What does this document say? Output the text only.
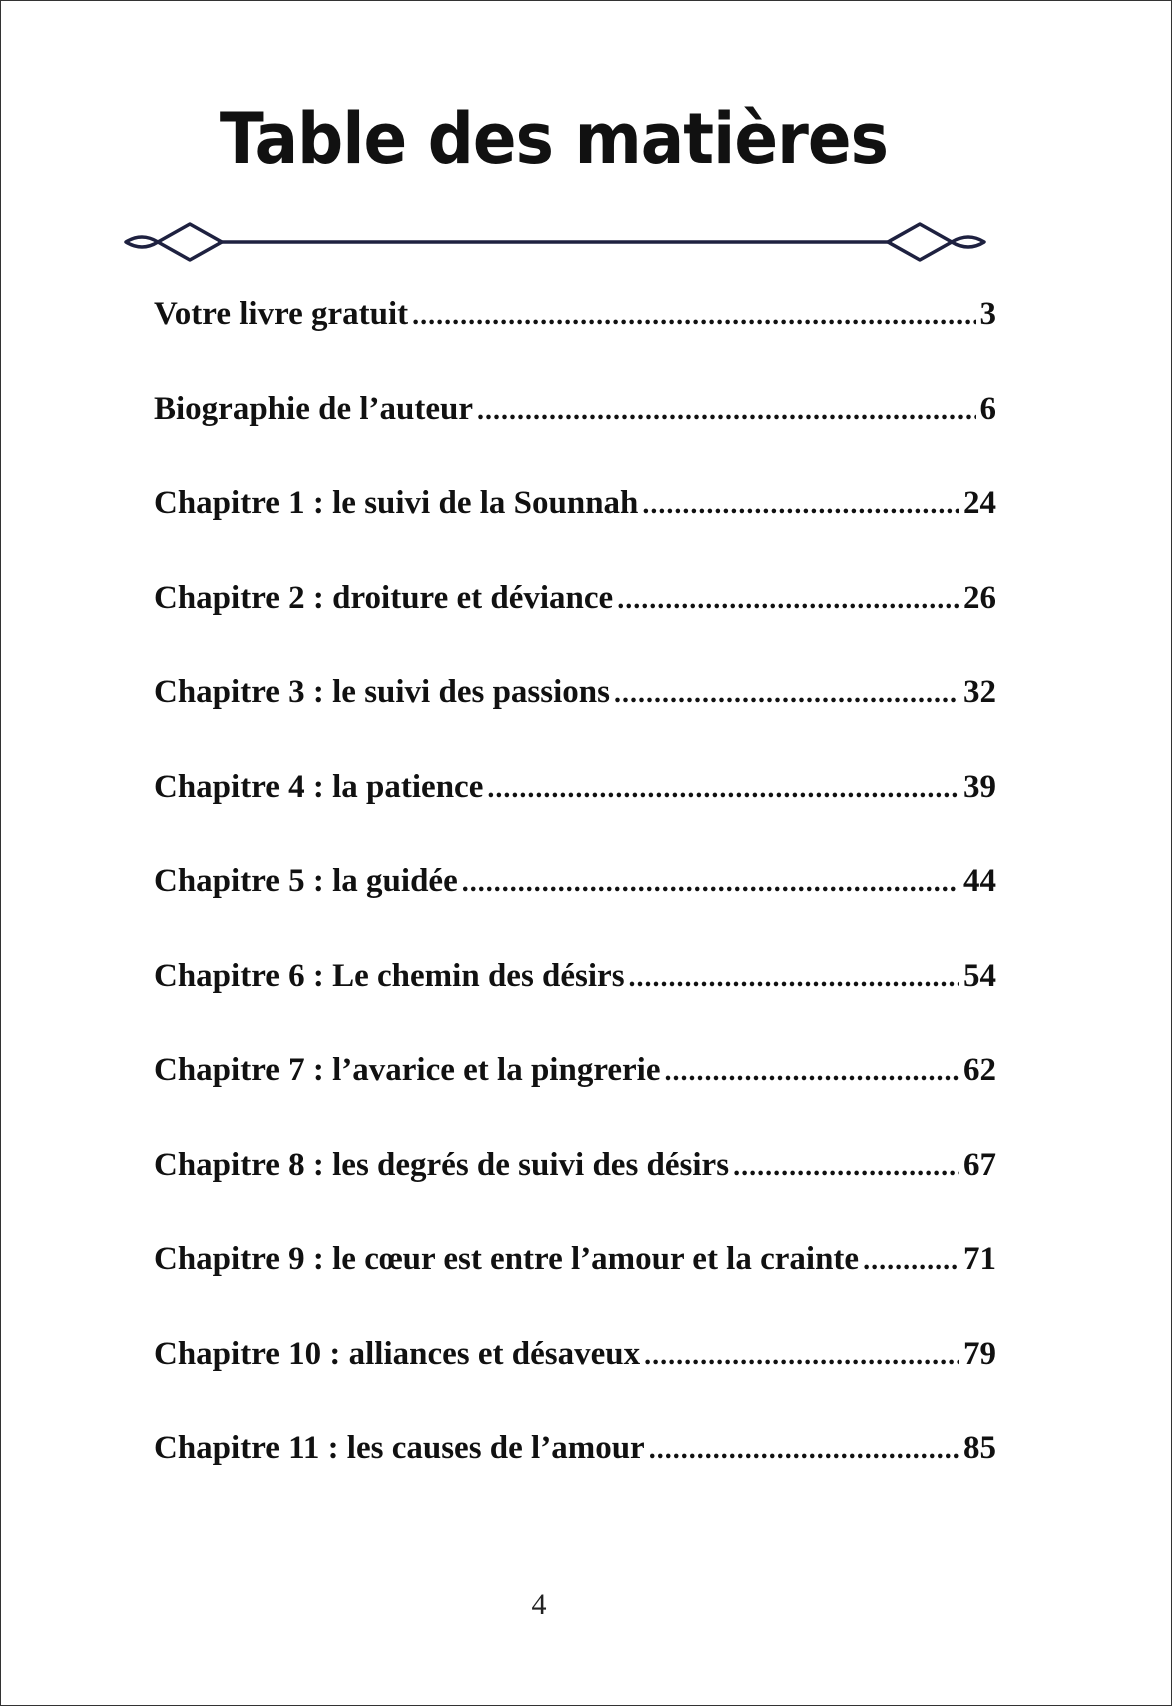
Table des matières
Votre livre gratuit .....	3
Biographie de l’auteur .....	6
Chapitre 1 : le suivi de la Sounnah .....	24
Chapitre 2 : droiture et déviance .....	26
Chapitre 3 : le suivi des passions .....	32
Chapitre 4 : la patience .....	39
Chapitre 5 : la guidée .....	44
Chapitre 6 : Le chemin des désirs .....	54
Chapitre 7 : l’avarice et la pingrerie .....	62
Chapitre 8 : les degrés de suivi des désirs .....	67
Chapitre 9 : le cœur est entre l’amour et la crainte .....	71
Chapitre 10 : alliances et désaveux .....	79
Chapitre 11 : les causes de l’amour .....	85
4
